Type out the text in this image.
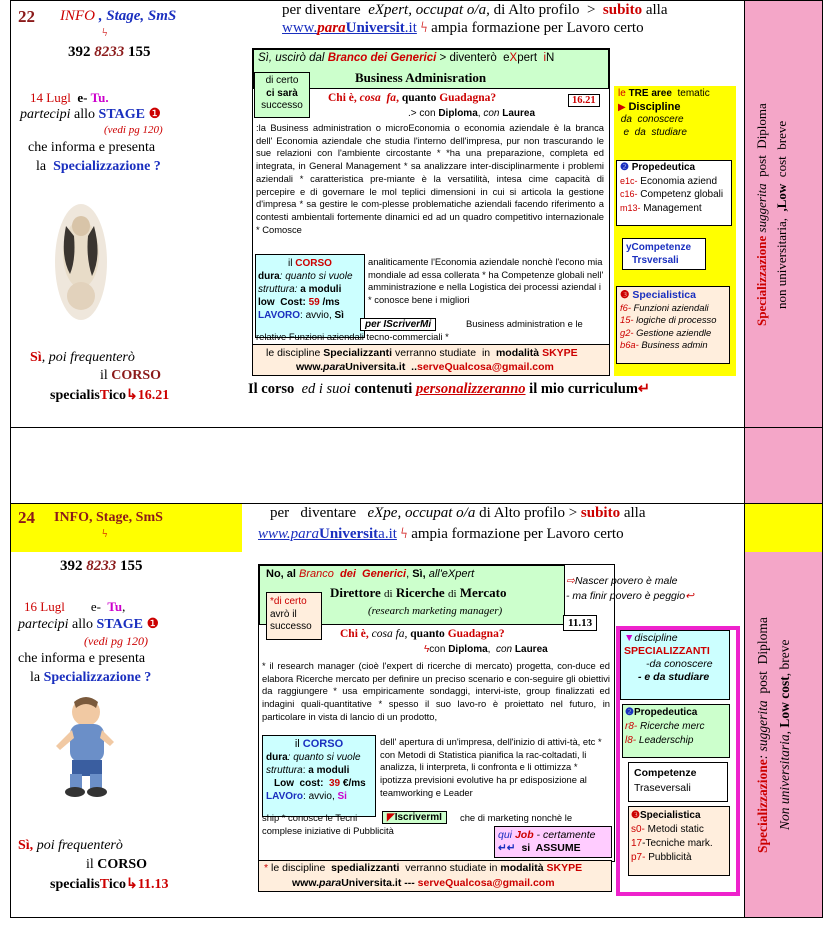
22 INFO , Stage, SmS
ϟ
392 8233 155
14 Lugl e- Tu.
partecipi allo STAGE ❶
(vedi pg 120)
che informa e presenta
la Specializzazione ?
Sì, poi frequenterò
il CORSO
specialisTico↳16.21
per diventare  eXpert, occupat o/a, di Alto profilo  >  subito alla
www.paraUniversit.it ϟ ampia formazione per Lavoro certo
Sì, uscirò dal Branco dei Generici > diventerò  eXpert  iN
Business Adminisration
di certo
ci sarà
successo
Chi è, cosa fa, quanto Guadagna?	16.21
.> con Diploma, con Laurea
:la Business administration o microEconomia o economia aziendale è la branca dell' Economia aziendale che studia l'interno dell'impresa, pur non trascurando le sue relazioni con l'ambiente circostante * *ha una preparazione, completa ed integrata, in General Management * sa analizzare inter-disciplinarmente i problemi aziendali * caratteristica pre-miante è la versatilità, intesa cime capacità di percepire e di governare le mol teplici dimensioni in cui si articola la gestione d'impresa * sa gestire le com-plesse problematiche aziendali facendo riferimento a contesti ambientali fortemente dinamici ed ad un quadro competitivo internazionale * Comosce
il CORSO
dura: quanto si vuole
struttura: a moduli
low  Cost: 59 /ms
LAVORO: avvio, Sì
per IScriverMi
analiticamente l'Economia aziendale nonchè l'econo mia mondiale ad essa collerata * ha Competenze globali nell' amministrazione e nella Logistica dei processi aziendal i * conosce bene i migliori
Business administration e le relative Funzioni aziendali tecno-commerciali *
le discipline Specializzanti verranno studiate  in  modalità SKYPE
www.paraUniversita.it  ..serveQualcosa@gmail.com
Il corso  ed i suoi contenuti personalizzeranno il mio curriculum↵
le TRE aree  tematic
▶ Discipline
da  conoscere
e  da  studiare
❷ Propedeutica
e1c- Economia aziend
c16- Competenz globali
m13- Management
yCompetenze
Trsversali
❸ Specialistica
f6- Funzioni aziendali
15- logiche di processo
g2- Gestione aziendle
b6a- Business admin
Specializzazione suggerita  post  Diploma
non universitaria,  ,Low  cost  breve
24 INFO, Stage, SmS
ϟ
392 8233 155
16 Lugl e- Tu,
partecipi allo STAGE ❶
(vedi pg 120)
che informa e presenta
la Specializzazione ?
Sì, poi frequenterò
il CORSO
specialisTico↳11.13
per   diventare   eXpe, occupat o/a di Alto profilo > subito alla
www.paraUniversita.it ϟ ampia formazione per Lavoro certo
No, al Branco dei Generici, Sì, all'eXpert
Direttore di Ricerche di Mercato
(research marketing manager)
⇨Nascer povero è male
- ma finir povero è peggio↩
*di certo
avrò il
successo	11.13
Chi è, cosa fa, quanto Guadagna?
ϟcon Diploma,  con Laurea
* il research manager (cioè l'expert di ricerche di mercato) progetta, con-duce ed elabora Ricerche mercato per definire un preciso scenario e con-seguire gli obiettivi da raggiungere * usa empiricamente sondaggi, intervi-iste, group finalizzati ed indagini quali-quantitative * spesso il suo lavo-ro è proiettato nel futuro, in particolare in vista di lancio di un prodotto,
il CORSO
dura: quanto si vuole
struttura: a moduli
Low  cost:  39 €/ms
LAVOro: avvio, Si
dell' apertura di un'impresa, dell'inizio di attivi-tà, etc * con Metodi di Statistica pianifica la rac-coltadati, li analizza, li interpreta, li confronta e li ottimizza * ipotizza previsioni evolutive ha pr edisposizione al teamworking e Leader
ship * conosce le Tecni	◤IscrivermI	che di marketing nonchè le complese iniziative di Pubblicità	qui Job - certamente
↵↵  si  ASSUME
* le discipline  spedializzanti  verranno studiate in modalità SKYPE
www.paraUniversita.it --- serveQualcosa@gmail.com
▼discipline
SPECIALIZZANTI
-da conoscere
- e da studiare
❷Propedeutica
r8- Ricerche merc
l8- Leaderschip
Competenze
Traseversali
❸Specialistica
s0- Metodi static
17-Tecniche mark.
p7- Pubblicità
Specializzazione: suggerita  post  Diploma
Non universitaria, Low cost, breve
